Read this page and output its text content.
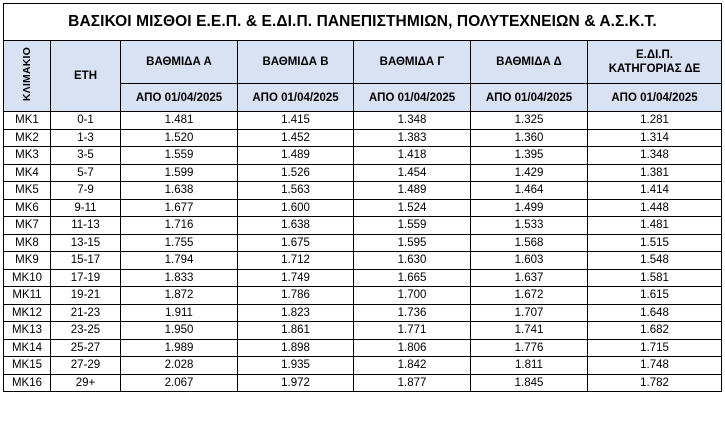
ΒΑΣΙΚΟΙ ΜΙΣΘΟΙ Ε.Ε.Π. & Ε.ΔΙ.Π. ΠΑΝΕΠΙΣΤΗΜΙΩΝ, ΠΟΛΥΤΕΧΝΕΙΩΝ & Α.Σ.Κ.Τ.						
ΚΛΙΜΑΚΙΟ	ΕΤΗ	ΒΑΘΜΙΔΑ Α	ΒΑΘΜΙΔΑ Β	ΒΑΘΜΙΔΑ Γ	ΒΑΘΜΙΔΑ Δ	Ε.ΔΙ.Π.
ΚΑΤΗΓΟΡΙΑΣ ΔΕ

		ΑΠΟ 01/04/2025	ΑΠΟ 01/04/2025	ΑΠΟ 01/04/2025	ΑΠΟ 01/04/2025	ΑΠΟ 01/04/2025
ΜΚ1	0-1	1.481	1.415	1.348	1.325	1.281
ΜΚ2	1-3	1.520	1.452	1.383	1.360	1.314
ΜΚ3	3-5	1.559	1.489	1.418	1.395	1.348
ΜΚ4	5-7	1.599	1.526	1.454	1.429	1.381
ΜΚ5	7-9	1.638	1.563	1.489	1.464	1.414
ΜΚ6	9-11	1.677	1.600	1.524	1.499	1.448
ΜΚ7	11-13	1.716	1.638	1.559	1.533	1.481
ΜΚ8	13-15	1.755	1.675	1.595	1.568	1.515
ΜΚ9	15-17	1.794	1.712	1.630	1.603	1.548
ΜΚ10	17-19	1.833	1.749	1.665	1.637	1.581
ΜΚ11	19-21	1.872	1.786	1.700	1.672	1.615
ΜΚ12	21-23	1.911	1.823	1.736	1.707	1.648
ΜΚ13	23-25	1.950	1.861	1.771	1.741	1.682
ΜΚ14	25-27	1.989	1.898	1.806	1.776	1.715
ΜΚ15	27-29	2.028	1.935	1.842	1.811	1.748
ΜΚ16	29+	2.067	1.972	1.877	1.845	1.782
